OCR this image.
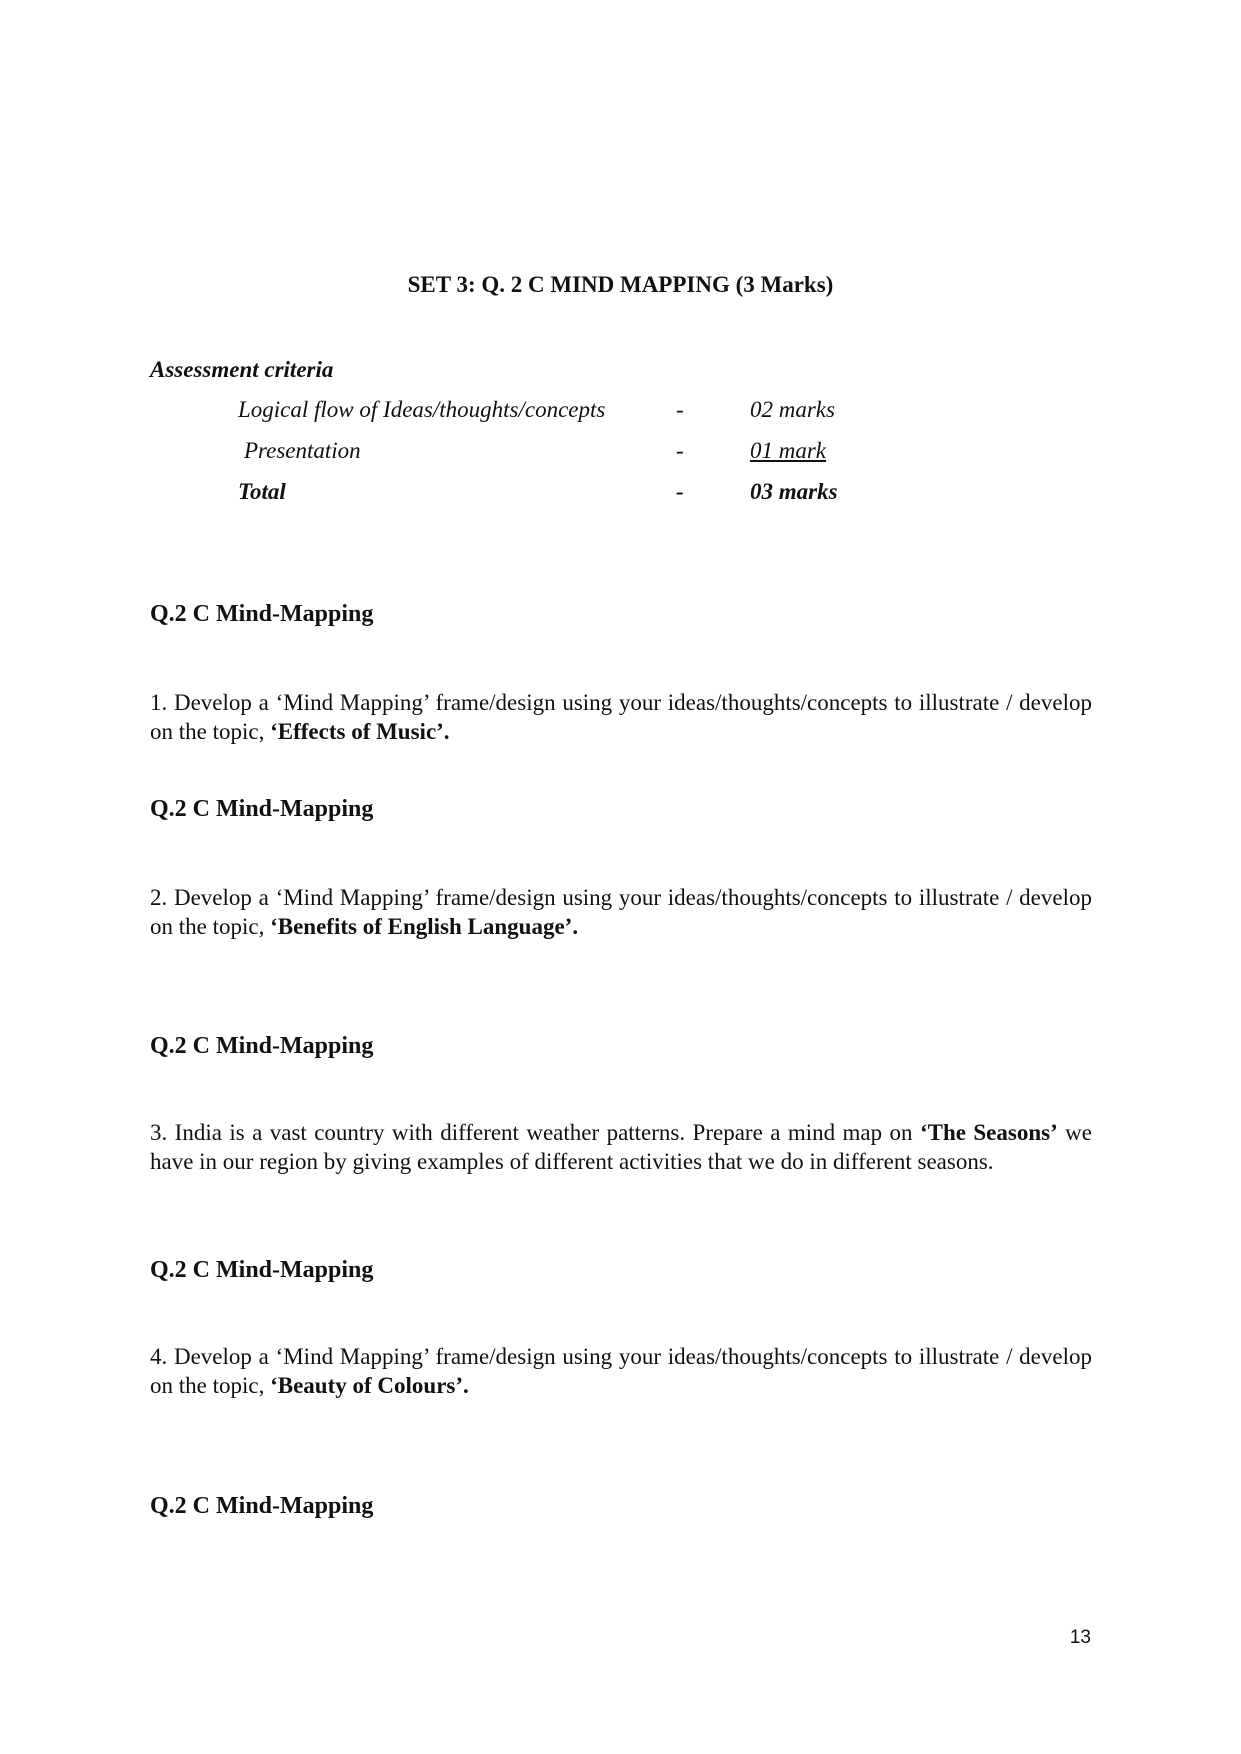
SET 3: Q. 2 C MIND MAPPING (3 Marks)
Assessment criteria
Logical flow of Ideas/thoughts/concepts	-	02 marks
Presentation	-	01 mark
Total	-	03 marks
Q.2 C Mind-Mapping
1. Develop a ‘Mind Mapping’ frame/design using your ideas/thoughts/concepts to illustrate / develop on the topic, ‘Effects of Music’.
Q.2 C Mind-Mapping
2. Develop a ‘Mind Mapping’ frame/design using your ideas/thoughts/concepts to illustrate / develop on the topic, ‘Benefits of English Language’.
Q.2 C Mind-Mapping
3. India is a vast country with different weather patterns. Prepare a mind map on ‘The Seasons’ we have in our region by giving examples of different activities that we do in different seasons.
Q.2 C Mind-Mapping
4. Develop a ‘Mind Mapping’ frame/design using your ideas/thoughts/concepts to illustrate / develop on the topic, ‘Beauty of Colours’.
Q.2 C Mind-Mapping
13
